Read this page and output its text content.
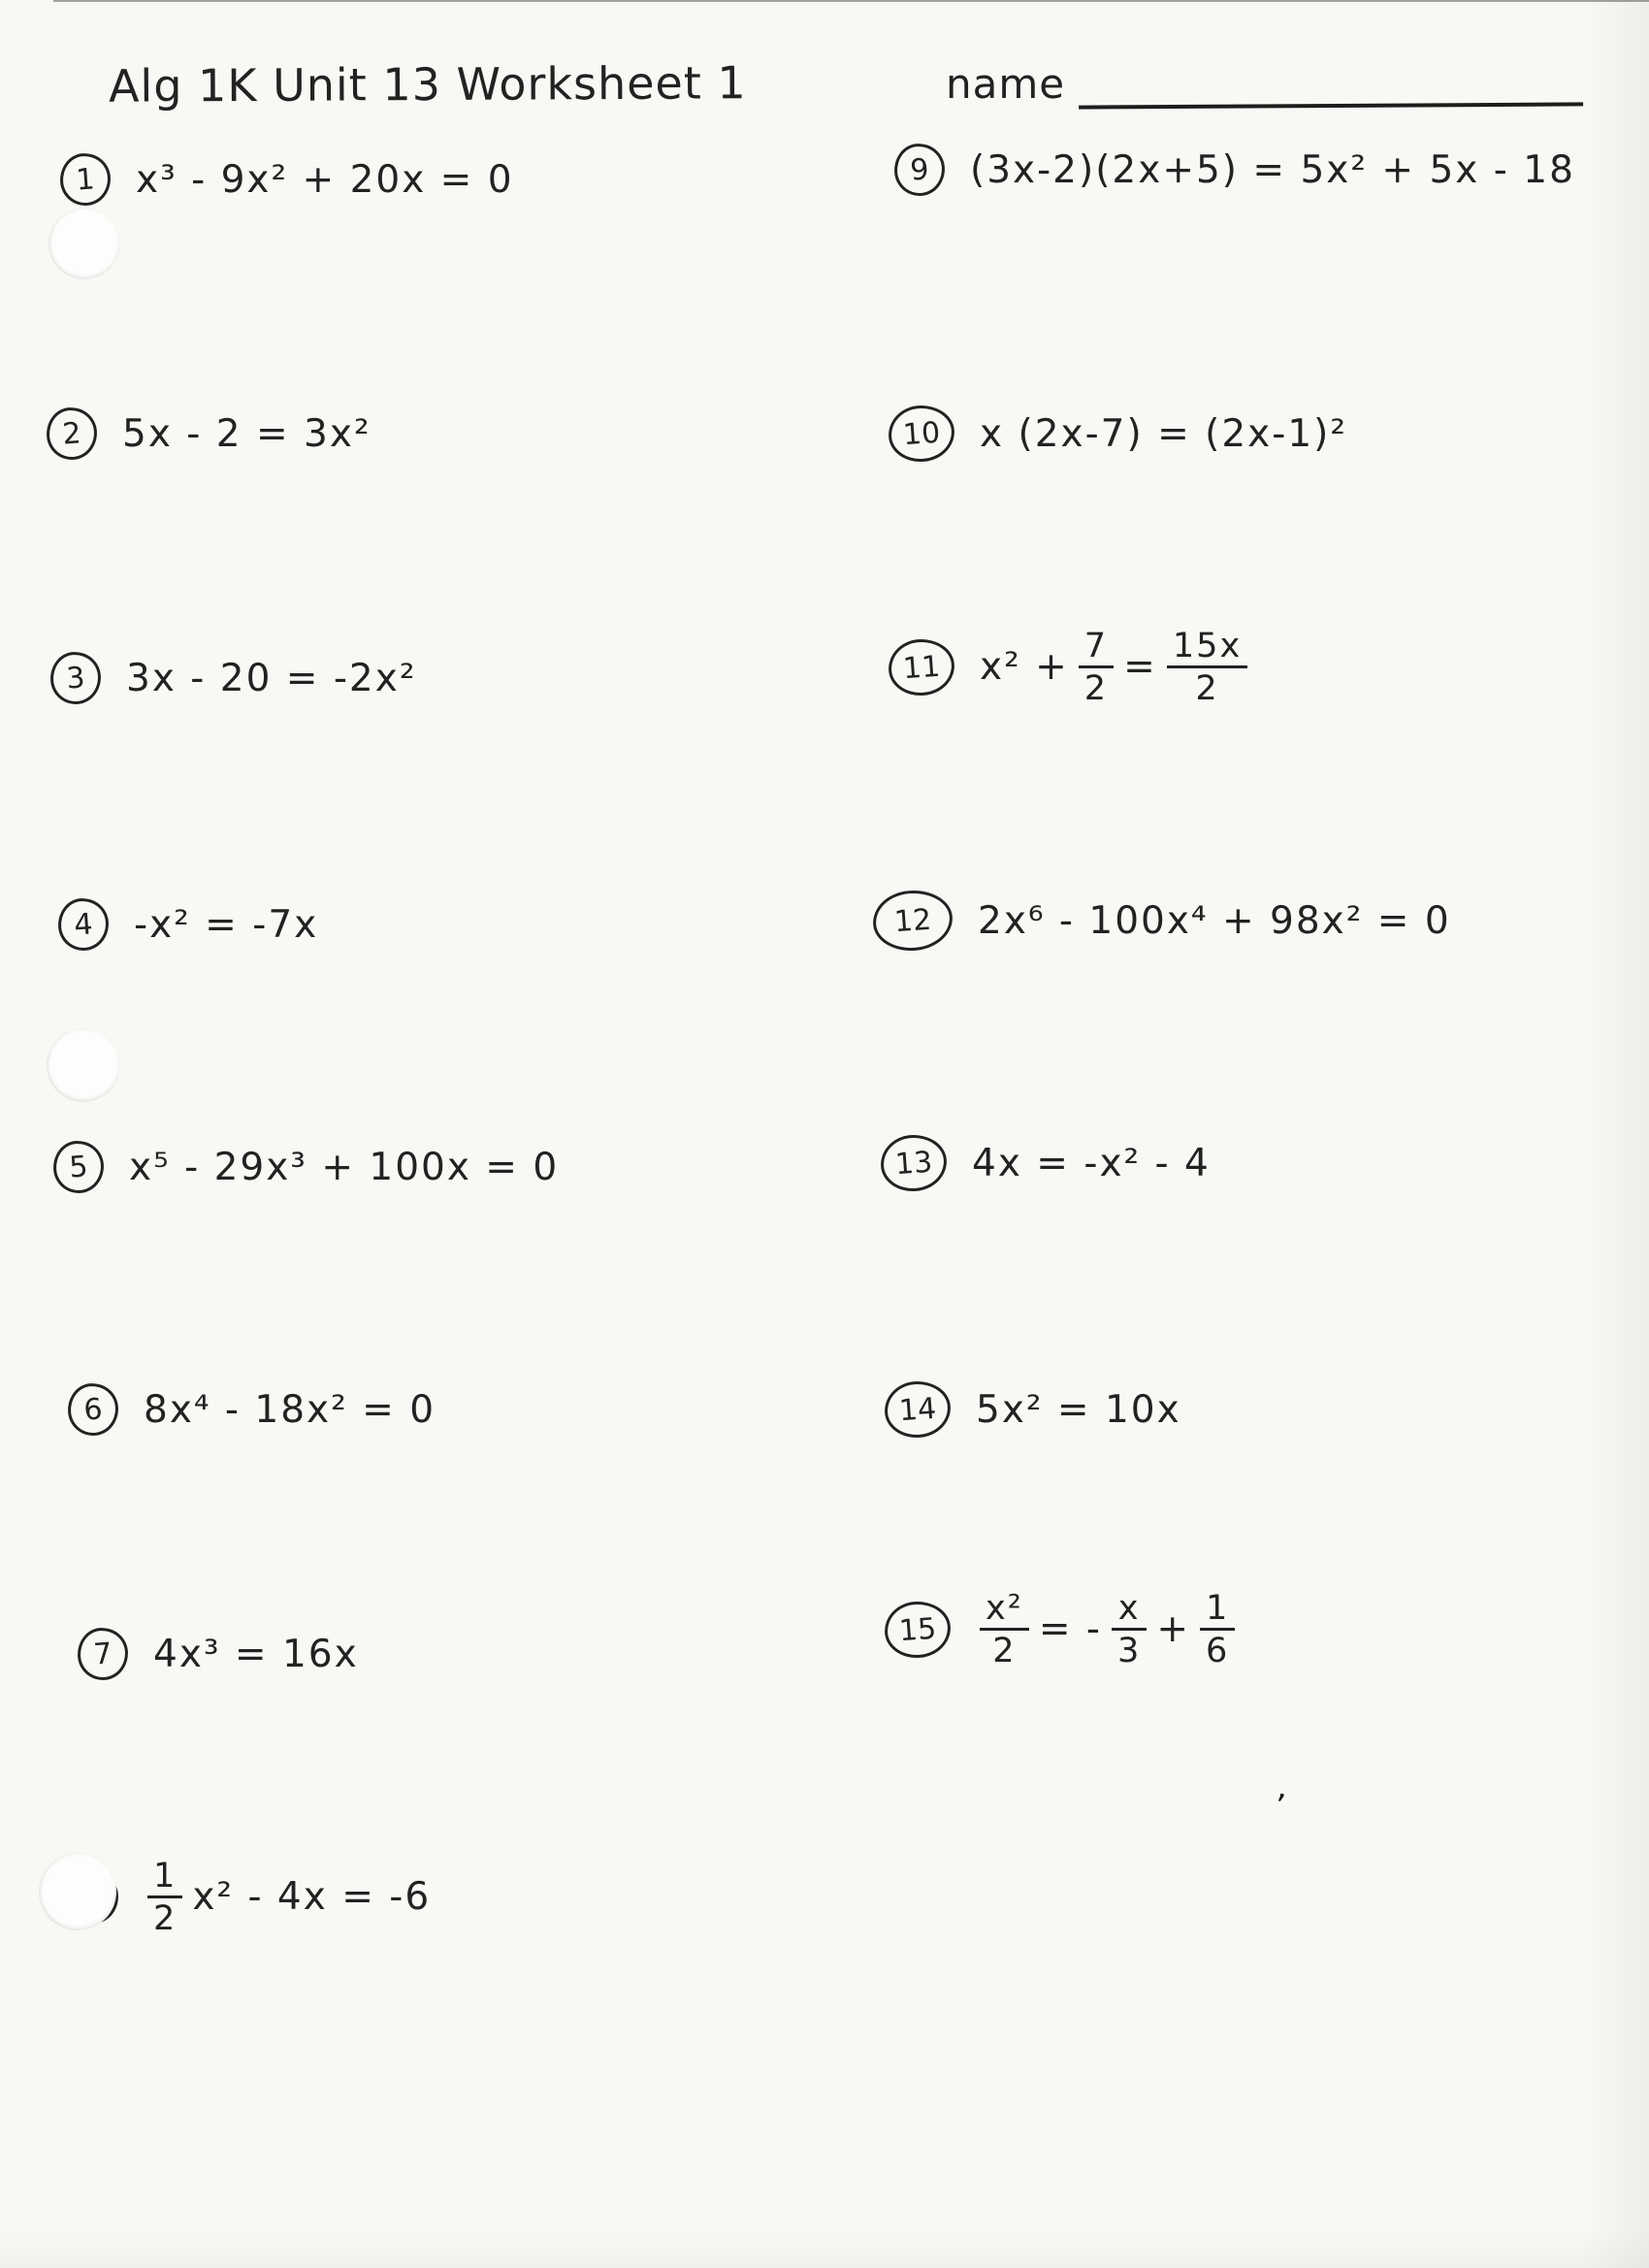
Alg 1K Unit 13 Worksheet 1	name
1	x³ - 9x² + 20x = 0
2	5x - 2 = 3x²
3	3x - 20 = -2x²
4	-x² = -7x
5	x⁵ - 29x³ + 100x = 0
6	8x⁴ - 18x² = 0
7	4x³ = 16x
$\frac{1}{2} x^2 - 4x = -6$
9	(3x-2)(2x+5) = 5x² + 5x - 18
10	x (2x-7) = (2x-1)²
11	$x^2 + \frac{7}{2} = \frac{15x}{2}$
12	2x⁶ - 100x⁴ + 98x² = 0
13	4x = -x² - 4
14	5x² = 10x
15	$\frac{\text{x²}}{2}$ = - $\frac{x}{3} + \frac{1}{6}$
’
